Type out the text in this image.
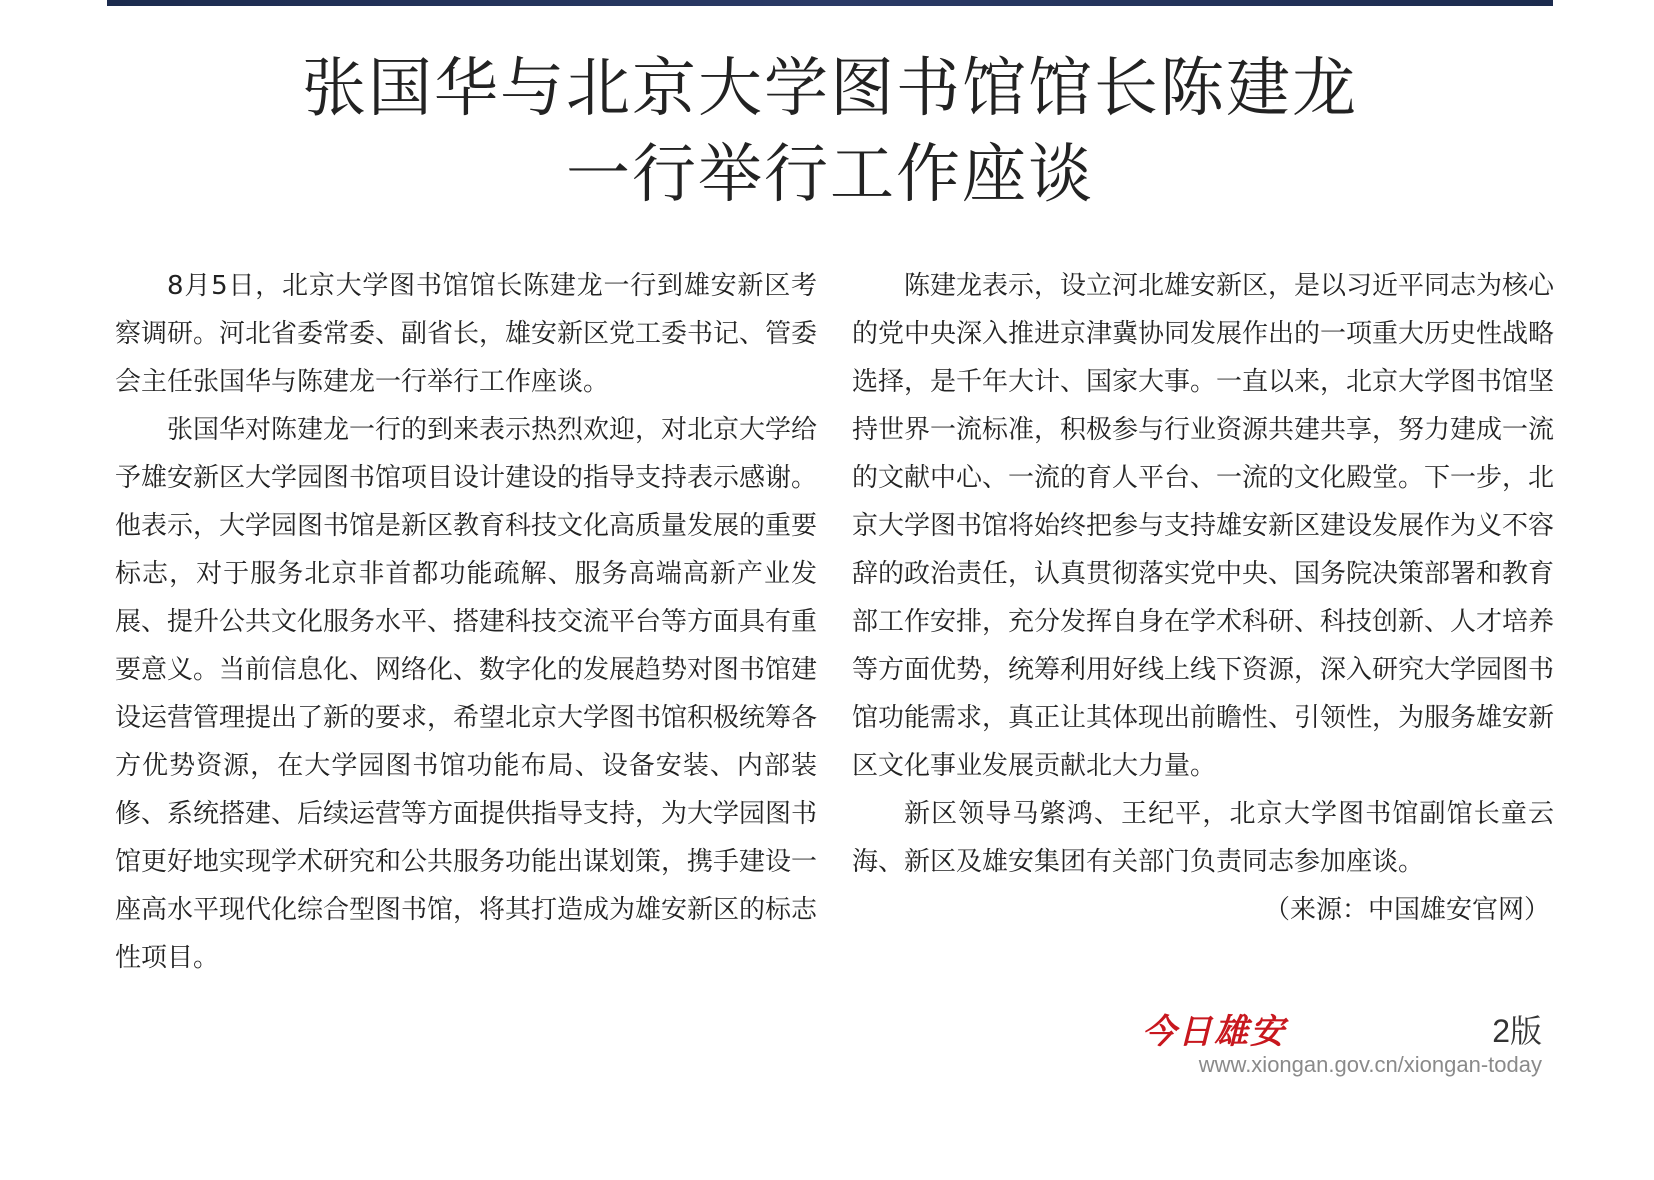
张国华与北京大学图书馆馆长陈建龙
一行举行工作座谈

8月5日，北京大学图书馆馆长陈建龙一行到雄安新区考察调研。河北省委常委、副省长，雄安新区党工委书记、管委会主任张国华与陈建龙一行举行工作座谈。

张国华对陈建龙一行的到来表示热烈欢迎，对北京大学给予雄安新区大学园图书馆项目设计建设的指导支持表示感谢。他表示，大学园图书馆是新区教育科技文化高质量发展的重要标志，对于服务北京非首都功能疏解、服务高端高新产业发展、提升公共文化服务水平、搭建科技交流平台等方面具有重要意义。当前信息化、网络化、数字化的发展趋势对图书馆建设运营管理提出了新的要求，希望北京大学图书馆积极统筹各方优势资源，在大学园图书馆功能布局、设备安装、内部装修、系统搭建、后续运营等方面提供指导支持，为大学园图书馆更好地实现学术研究和公共服务功能出谋划策，携手建设一座高水平现代化综合型图书馆，将其打造成为雄安新区的标志性项目。

陈建龙表示，设立河北雄安新区，是以习近平同志为核心的党中央深入推进京津冀协同发展作出的一项重大历史性战略选择，是千年大计、国家大事。一直以来，北京大学图书馆坚持世界一流标准，积极参与行业资源共建共享，努力建成一流的文献中心、一流的育人平台、一流的文化殿堂。下一步，北京大学图书馆将始终把参与支持雄安新区建设发展作为义不容辞的政治责任，认真贯彻落实党中央、国务院决策部署和教育部工作安排，充分发挥自身在学术科研、科技创新、人才培养等方面优势，统筹利用好线上线下资源，深入研究大学园图书馆功能需求，真正让其体现出前瞻性、引领性，为服务雄安新区文化事业发展贡献北大力量。

新区领导马綮鸿、王纪平，北京大学图书馆副馆长童云海、新区及雄安集团有关部门负责同志参加座谈。

（来源：中国雄安官网）

今日雄安	2版
www.xiongan.gov.cn/xiongan-today
